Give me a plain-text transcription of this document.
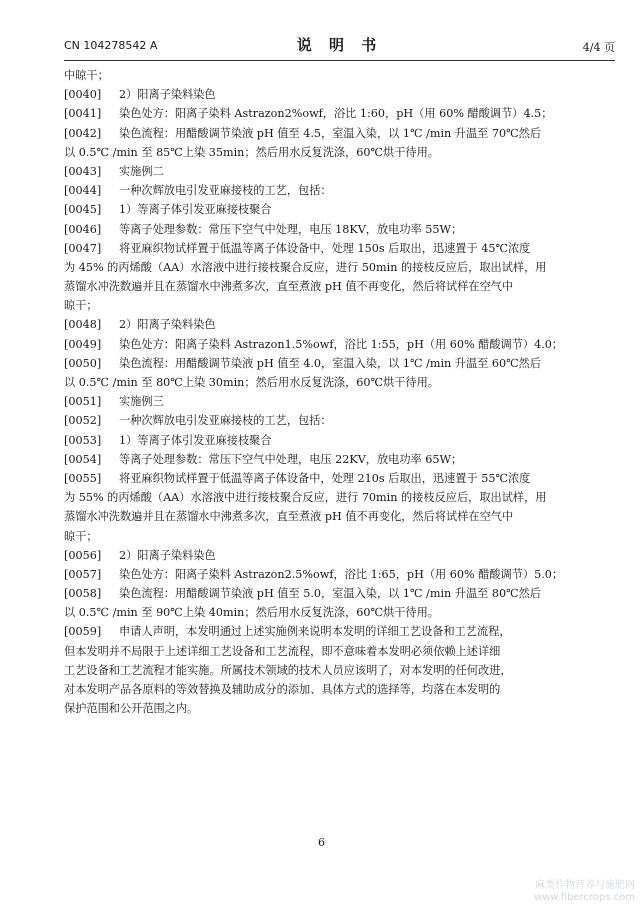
CN 104278542 A	说 明 书	4/4 页
中晾干；
[0040] 2）阳离子染料染色
[0041] 染色处方：阳离子染料 Astrazon2%owf，浴比 1:60，pH（用 60% 醋酸调节）4.5；
[0042] 染色流程：用醋酸调节染液 pH 值至 4.5，室温入染，以 1℃ /min 升温至 70℃然后
以 0.5℃ /min 至 85℃上染 35min；然后用水反复洗涤，60℃烘干待用。
[0043] 实施例二
[0044] 一种次辉放电引发亚麻接枝的工艺，包括：
[0045] 1）等离子体引发亚麻接枝聚合
[0046] 等离子处理参数：常压下空气中处理，电压 18KV，放电功率 55W；
[0047] 将亚麻织物试样置于低温等离子体设备中，处理 150s 后取出，迅速置于 45℃浓度
为 45% 的丙烯酸（AA）水溶液中进行接枝聚合反应，进行 50min 的接枝反应后，取出试样，用
蒸馏水冲洗数遍并且在蒸馏水中沸煮多次，直至煮液 pH 值不再变化，然后将试样在空气中
晾干；
[0048] 2）阳离子染料染色
[0049] 染色处方：阳离子染料 Astrazon1.5%owf，浴比 1:55，pH（用 60% 醋酸调节）4.0；
[0050] 染色流程：用醋酸调节染液 pH 值至 4.0，室温入染，以 1℃ /min 升温至 60℃然后
以 0.5℃ /min 至 80℃上染 30min；然后用水反复洗涤，60℃烘干待用。
[0051] 实施例三
[0052] 一种次辉放电引发亚麻接枝的工艺，包括：
[0053] 1）等离子体引发亚麻接枝聚合
[0054] 等离子处理参数：常压下空气中处理，电压 22KV，放电功率 65W；
[0055] 将亚麻织物试样置于低温等离子体设备中，处理 210s 后取出，迅速置于 55℃浓度
为 55% 的丙烯酸（AA）水溶液中进行接枝聚合反应，进行 70min 的接枝反应后，取出试样，用
蒸馏水冲洗数遍并且在蒸馏水中沸煮多次，直至煮液 pH 值不再变化，然后将试样在空气中
晾干；
[0056] 2）阳离子染料染色
[0057] 染色处方：阳离子染料 Astrazon2.5%owf，浴比 1:65，pH（用 60% 醋酸调节）5.0；
[0058] 染色流程：用醋酸调节染液 pH 值至 5.0，室温入染，以 1℃ /min 升温至 80℃然后
以 0.5℃ /min 至 90℃上染 40min；然后用水反复洗涤，60℃烘干待用。
[0059] 申请人声明，本发明通过上述实施例来说明本发明的详细工艺设备和工艺流程，
但本发明并不局限于上述详细工艺设备和工艺流程，即不意味着本发明必须依赖上述详细
工艺设备和工艺流程才能实施。所属技术领域的技术人员应该明了，对本发明的任何改进，
对本发明产品各原料的等效替换及辅助成分的添加、具体方式的选择等，均落在本发明的
保护范围和公开范围之内。
6
麻类作物营养与施肥网
www.fibercrops.com
